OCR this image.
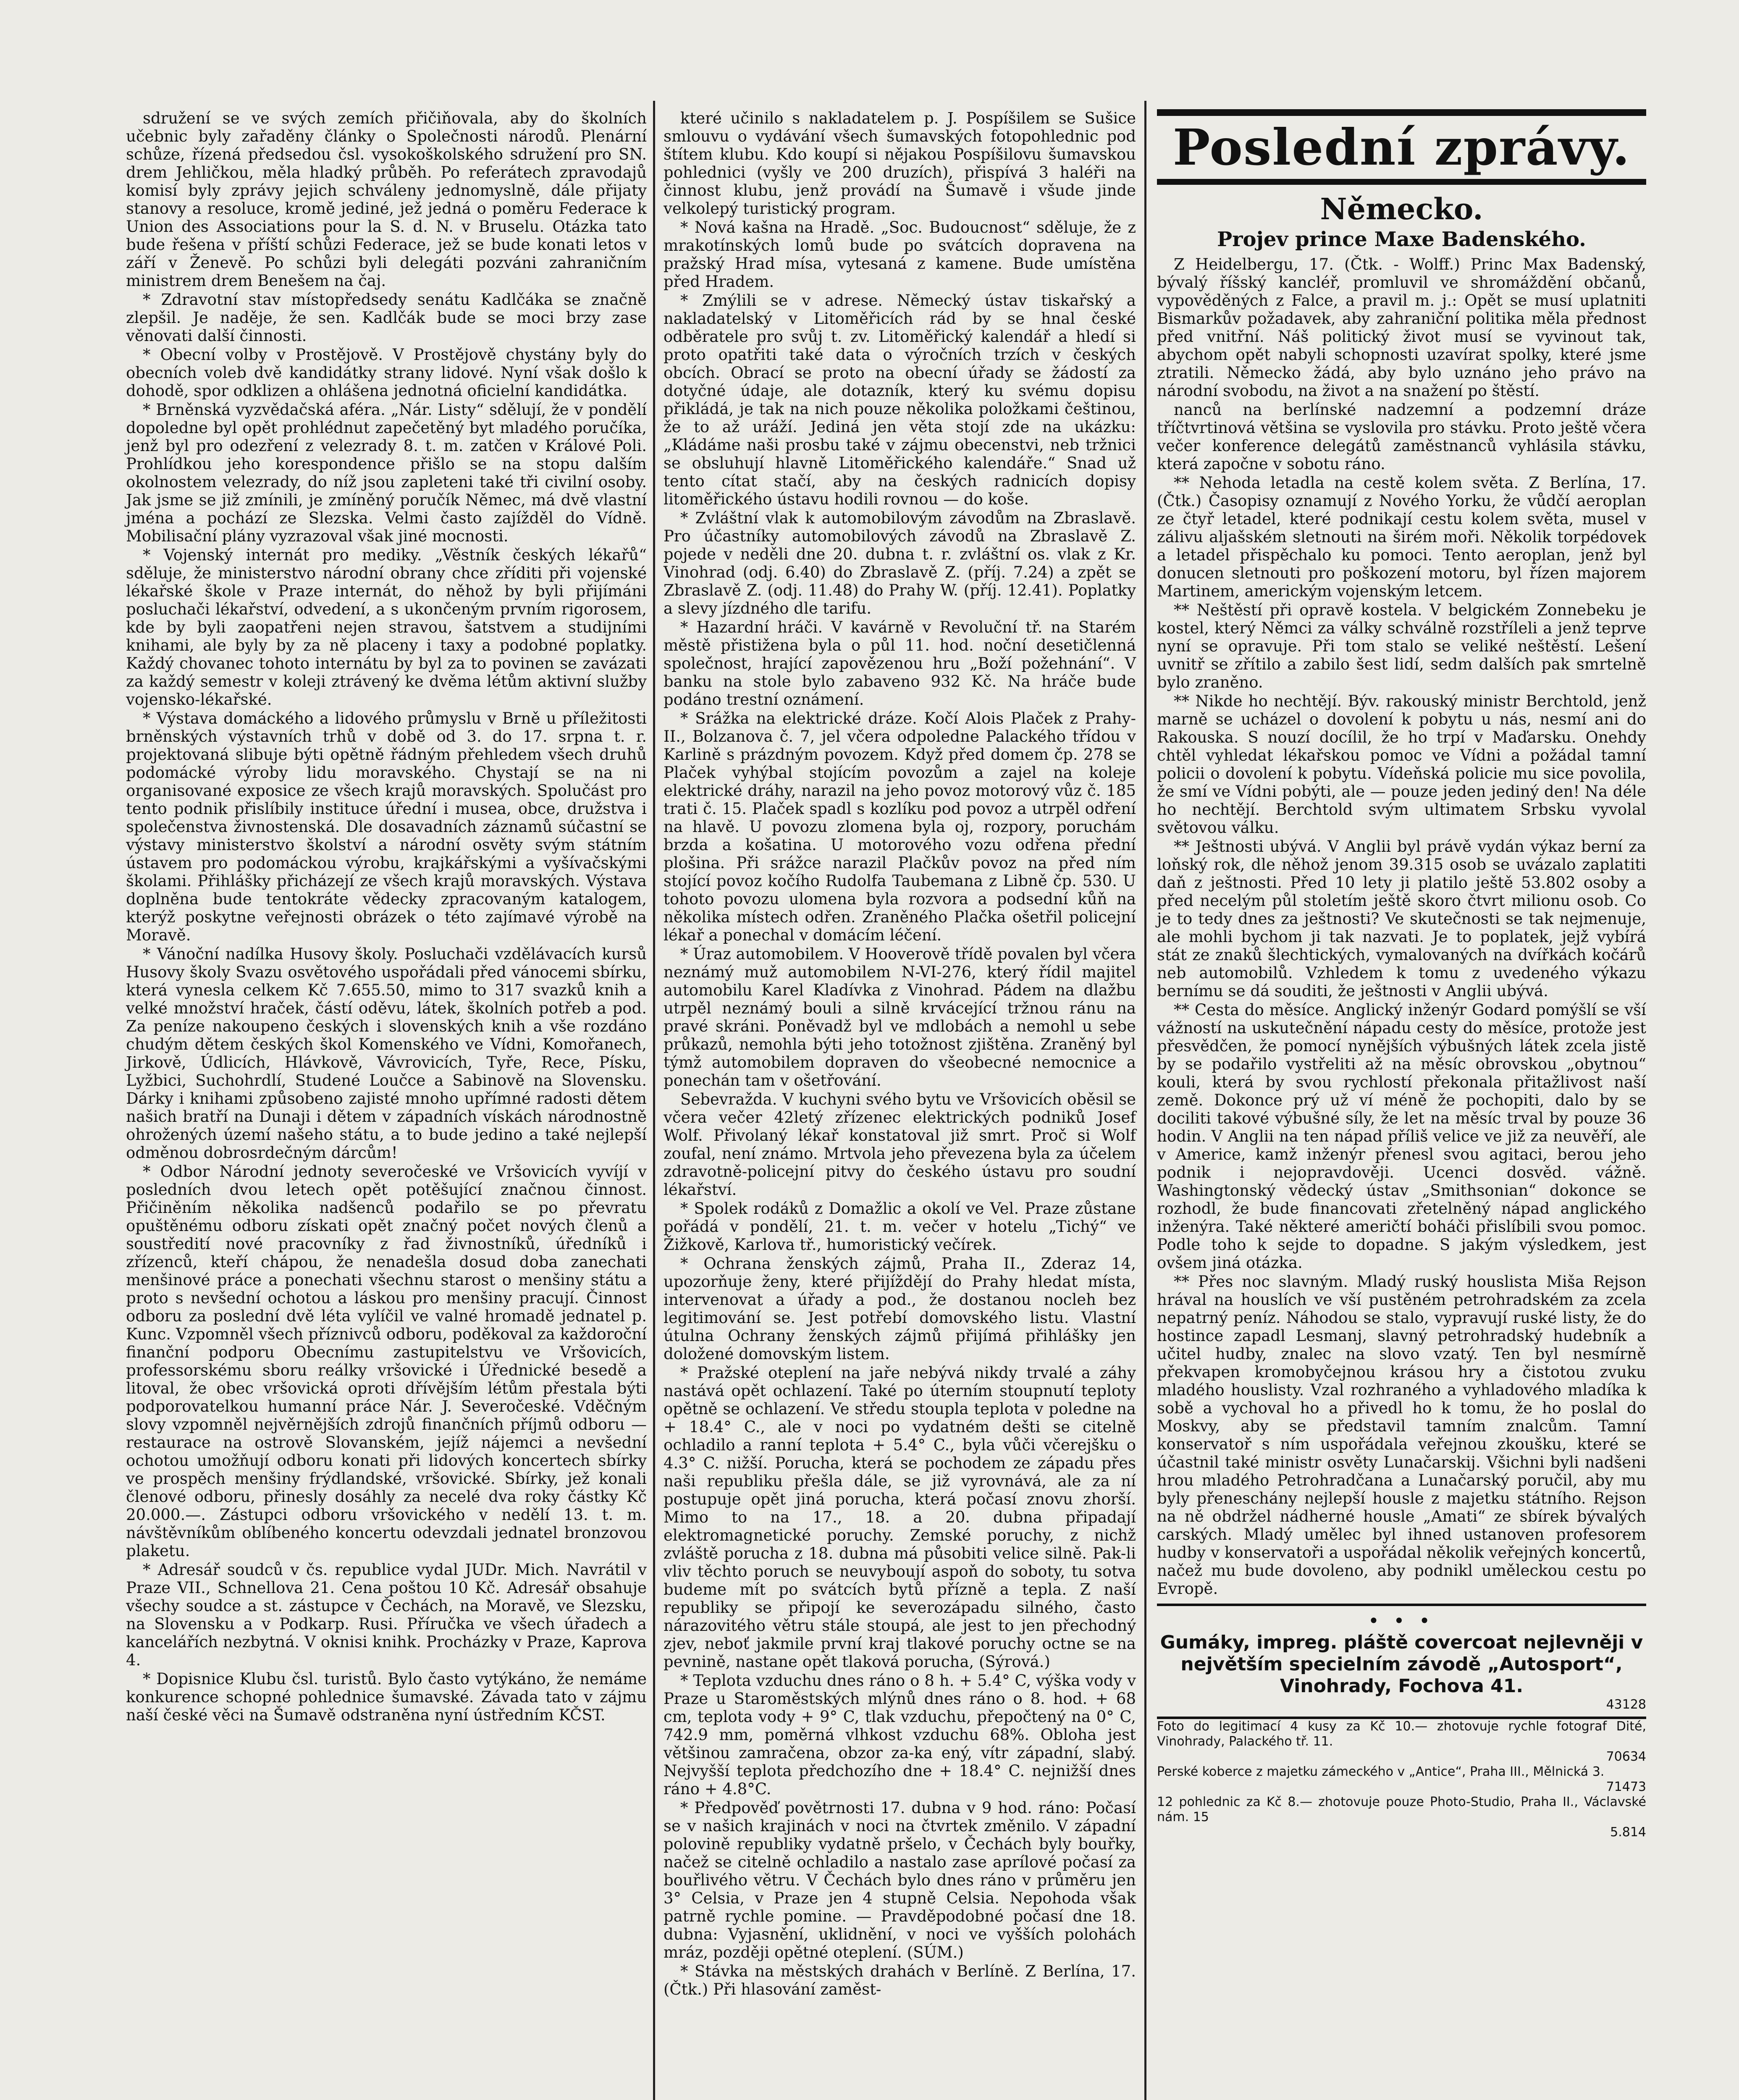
sdružení se ve svých zemích přičiňovala, aby do školních učebnic byly zařaděny články o Společnosti národů. Plenární schůze, řízená předsedou čsl. vysokoškolského sdružení pro SN. drem Jehličkou, měla hladký průběh. Po referátech zpravodajů komisí byly zprávy jejich schváleny jednomyslně, dále přijaty stanovy a resoluce, kromě jediné, jež jedná o poměru Federace k Union des Associations pour la S. d. N. v Bruselu. Otázka tato bude řešena v příští schůzi Federace, jež se bude konati letos v září v Ženevě. Po schůzi byli delegáti pozváni zahraničním ministrem drem Benešem na čaj.

* Zdravotní stav místopředsedy senátu Kadlčáka se značně zlepšil. Je naděje, že sen. Kadlčák bude se moci brzy zase věnovati další činnosti.

* Obecní volby v Prostějově. V Prostějově chystány byly do obecních voleb dvě kandidátky strany lidové. Nyní však došlo k dohodě, spor odklizen a ohlášena jednotná oficielní kandidátka.

* Brněnská vyzvědačská aféra. „Nár. Listy“ sdělují, že v pondělí dopoledne byl opět prohlédnut zapečetěný byt mladého poručíka, jenž byl pro odezření z velezrady 8. t. m. zatčen v Králové Poli. Prohlídkou jeho korespondence přišlo se na stopu dalším okolnostem velezrady, do níž jsou zapleteni také tři civilní osoby. Jak jsme se již zmínili, je zmíněný poručík Němec, má dvě vlastní jména a pochází ze Slezska. Velmi často zajížděl do Vídně. Mobilisační plány vyzrazoval však jiné mocnosti.

* Vojenský internát pro mediky. „Věstník českých lékařů“ sděluje, že ministerstvo národní obrany chce zříditi při vojenské lékařské škole v Praze internát, do něhož by byli přijímáni posluchači lékařství, odvedení, a s ukončeným prvním rigorosem, kde by byli zaopatřeni nejen stravou, šatstvem a studijními knihami, ale byly by za ně placeny i taxy a podobné poplatky. Každý chovanec tohoto internátu by byl za to povinen se zavázati za každý semestr v koleji ztrávený ke dvěma létům aktivní služby vojensko-lékařské.

* Výstava domáckého a lidového průmyslu v Brně u příležitosti brněnských výstavních trhů v době od 3. do 17. srpna t. r. projektovaná slibuje býti opětně řádným přehledem všech druhů podomácké výroby lidu moravského. Chystají se na ni organisované exposice ze všech krajů moravských. Spolučást pro tento podnik přislíbily instituce úřední i musea, obce, družstva i společenstva živnostenská. Dle dosavadních záznamů súčastní se výstavy ministerstvo školství a národní osvěty svým státním ústavem pro podomáckou výrobu, krajkářskými a vyšívačskými školami. Přihlášky přicházejí ze všech krajů moravských. Výstava doplněna bude tentokráte vědecky zpracovaným katalogem, kterýž poskytne veřejnosti obrázek o této zajímavé výrobě na Moravě.

* Vánoční nadílka Husovy školy. Posluchači vzdělávacích kursů Husovy školy Svazu osvětového uspořádali před vánocemi sbírku, která vynesla celkem Kč 7.655.50, mimo to 317 svazků knih a velké množství hraček, částí oděvu, látek, školních potřeb a pod. Za peníze nakoupeno českých i slovenských knih a vše rozdáno chudým dětem českých škol Komenského ve Vídni, Komořanech, Jirkově, Údlicích, Hlávkově, Vávrovicích, Tyře, Rece, Písku, Lyžbici, Suchohrdlí, Studené Loučce a Sabinově na Slovensku. Dárky i knihami způsobeno zajisté mnoho upřímné radosti dětem našich bratří na Dunaji i dětem v západních vískách národnostně ohrožených území našeho státu, a to bude jedino a také nejlepší odměnou dobrosrdečným dárcům!

* Odbor Národní jednoty severočeské ve Vršovicích vyvíjí v posledních dvou letech opět potěšující značnou činnost. Přičiněním několika nadšenců podařilo se po převratu opuštěnému odboru získati opět značný počet nových členů a soustředití nové pracovníky z řad živnostníků, úředníků i zřízenců, kteří chápou, že nenadešla dosud doba zanechati menšinové práce a ponechati všechnu starost o menšiny státu a proto s nevšední ochotou a láskou pro menšiny pracují. Činnost odboru za poslední dvě léta vylíčil ve valné hromadě jednatel p. Kunc. Vzpomněl všech příznivců odboru, poděkoval za každoroční finanční podporu Obecnímu zastupitelstvu ve Vršovicích, professorskému sboru reálky vršovické i Úřednické besedě a litoval, že obec vršovická oproti dřívějším létům přestala býti podporovatelkou humanní práce Nár. J. Severočeské. Vděčným slovy vzpomněl nejvěrnějších zdrojů finančních příjmů odboru — restaurace na ostrově Slovanském, jejíž nájemci a nevšední ochotou umožňují odboru konati při lidových koncertech sbírky ve prospěch menšiny frýdlandské, vršovické. Sbírky, jež konali členové odboru, přinesly dosáhly za necelé dva roky částky Kč 20.000.—. Zástupci odboru vršovického v nedělí 13. t. m. návštěvníkům oblíbeného koncertu odevzdali jednatel bronzovou plaketu.

* Adresář soudců v čs. republice vydal JUDr. Mich. Navrátil v Praze VII., Schnellova 21. Cena poštou 10 Kč. Adresář obsahuje všechy soudce a st. zástupce v Čechách, na Moravě, ve Slezsku, na Slovensku a v Podkarp. Rusi. Příručka ve všech úřadech a kancelářích nezbytná. V oknisi knihk. Procházky v Praze, Kaprova 4.

* Dopisnice Klubu čsl. turistů. Bylo často vytýkáno, že nemáme konkurence schopné pohlednice šumavské. Závada tato v zájmu naší české věci na Šumavě odstraněna nyní ústředním KČST.

které učinilo s nakladatelem p. J. Pospíšilem se Sušice smlouvu o vydávání všech šumavských fotopohlednic pod štítem klubu. Kdo koupí si nějakou Pospíšilovu šumavskou pohlednici (vyšly ve 200 druzích), přispívá 3 haléři na činnost klubu, jenž provádí na Šumavě i všude jinde velkolepý turistický program.

* Nová kašna na Hradě. „Soc. Budoucnost“ sděluje, že z mrakotínských lomů bude po svátcích dopravena na pražský Hrad mísa, vytesaná z kamene. Bude umístěna před Hradem.

* Zmýlili se v adrese. Německý ústav tiskařský a nakladatelský v Litoměřicích rád by se hnal české odběratele pro svůj t. zv. Litoměřický kalendář a hledí si proto opatřiti také data o výročních trzích v českých obcích. Obrací se proto na obecní úřady se žádostí za dotyčné údaje, ale dotazník, který ku svému dopisu přikládá, je tak na nich pouze několika položkami češtinou, že to až uráží. Jediná jen věta stojí zde na ukázku: „Kládáme naši prosbu také v zájmu obecenstvi, neb tržnici se obsluhují hlavně Litoměřického kalendáře.“ Snad už tento cítat stačí, aby na českých radnicích dopisy litoměřického ústavu hodili rovnou — do koše.

* Zvláštní vlak k automobilovým závodům na Zbraslavě. Pro účastníky automobilových závodů na Zbraslavě Z. pojede v neděli dne 20. dubna t. r. zvláštní os. vlak z Kr. Vinohrad (odj. 6.40) do Zbraslavě Z. (příj. 7.24) a zpět se Zbraslavě Z. (odj. 11.48) do Prahy W. (příj. 12.41). Poplatky a slevy jízdného dle tarifu.

* Hazardní hráči. V kavárně v Revoluční tř. na Starém městě přistižena byla o půl 11. hod. noční desetičlenná společnost, hrající zapovězenou hru „Boží požehnání“. V banku na stole bylo zabaveno 932 Kč. Na hráče bude podáno trestní oznámení.

* Srážka na elektrické dráze. Kočí Alois Plaček z Prahy-II., Bolzanova č. 7, jel včera odpoledne Palackého třídou v Karlině s prázdným povozem. Když před domem čp. 278 se Plaček vyhýbal stojícím povozům a zajel na koleje elektrické dráhy, narazil na jeho povoz motorový vůz č. 185 trati č. 15. Plaček spadl s kozlíku pod povoz a utrpěl odření na hlavě. U povozu zlomena byla oj, rozpory, poruchám brzda a košatina. U motorového vozu odřena přední plošina. Při srážce narazil Plačkův povoz na před ním stojící povoz kočího Rudolfa Taubemana z Libně čp. 530. U tohoto povozu ulomena byla rozvora a podsední kůň na několika místech odřen. Zraněného Plačka ošetřil policejní lékař a ponechal v domácím léčení.

* Úraz automobilem. V Hooverově třídě povalen byl včera neznámý muž automobilem N-VI-276, který řídil majitel automobilu Karel Kladívka z Vinohrad. Pádem na dlažbu utrpěl neznámý bouli a silně krvácející tržnou ránu na pravé skráni. Poněvadž byl ve mdlobách a nemohl u sebe průkazů, nemohla býti jeho totožnost zjištěna. Zraněný byl týmž automobilem dopraven do všeobecné nemocnice a ponechán tam v ošetřování.

Sebevražda. V kuchyni svého bytu ve Vršovicích oběsil se včera večer 42letý zřízenec elektrických podniků Josef Wolf. Přivolaný lékař konstatoval již smrt. Proč si Wolf zoufal, není známo. Mrtvola jeho převezena byla za účelem zdravotně-policejní pitvy do českého ústavu pro soudní lékařství.

* Spolek rodáků z Domažlic a okolí ve Vel. Praze zůstane pořádá v pondělí, 21. t. m. večer v hotelu „Tichý“ ve Žižkově, Karlova tř., humoristický večírek.

* Ochrana ženských zájmů, Praha II., Zderaz 14, upozorňuje ženy, které přijíždějí do Prahy hledat místa, intervenovat a úřady a pod., že dostanou nocleh bez legitimování se. Jest potřebí domovského listu. Vlastní útulna Ochrany ženských zájmů přijímá přihlášky jen doložené domovským listem.

* Pražské oteplení na jaře nebývá nikdy trvalé a záhy nastává opět ochlazení. Také po úterním stoupnutí teploty opětně se ochlazení. Ve středu stoupla teplota v poledne na + 18.4° C., ale v noci po vydatném dešti se citelně ochladilo a ranní teplota + 5.4° C., byla vůči včerejšku o 4.3° C. nižší. Porucha, která se pochodem ze západu přes naši republiku přešla dále, se již vyrovnává, ale za ní postupuje opět jiná porucha, která počasí znovu zhorší. Mimo to na 17., 18. a 20. dubna připadají elektromagnetické poruchy. Zemské poruchy, z nichž zvláště porucha z 18. dubna má působiti velice silně. Pak-li vliv těchto poruch se neuvyboují aspoň do soboty, tu sotva budeme mít po svátcích bytů přízně a tepla. Z naší republiky se připojí ke severozápadu silného, často nárazovitého větru stále stoupá, ale jest to jen přechodný zjev, neboť jakmile první kraj tlakové poruchy octne se na pevnině, nastane opět tlaková porucha, (Sýrová.)

* Teplota vzduchu dnes ráno o 8 h. + 5.4° C, výška vody v Praze u Staroměstských mlýnů dnes ráno o 8. hod. + 68 cm, teplota vody + 9° C, tlak vzduchu, přepočtený na 0° C, 742.9 mm, poměrná vlhkost vzduchu 68%. Obloha jest většinou zamračena, obzor za-ka ený, vítr západní, slabý. Nejvyšší teplota předchozího dne + 18.4° C. nejnižší dnes ráno + 4.8°C.

* Předpověď povětrnosti 17. dubna v 9 hod. ráno: Počasí se v našich krajinách v noci na čtvrtek změnilo. V západní polovině republiky vydatně pršelo, v Čechách byly bouřky, načež se citelně ochladilo a nastalo zase aprílové počasí za bouřlivého větru. V Čechách bylo dnes ráno v průměru jen 3° Celsia, v Praze jen 4 stupně Celsia. Nepohoda však patrně rychle pomine. — Pravděpodobné počasí dne 18. dubna: Vyjasnění, uklidnění, v noci ve vyšších polohách mráz, později opětné oteplení. (SÚM.)

* Stávka na městských drahách v Berlíně. Z Berlína, 17. (Čtk.) Při hlasování zaměst-

Poslední zprávy.
Německo.
Projev prince Maxe Badenského.

Z Heidelbergu, 17. (Čtk. - Wolff.) Princ Max Badenský, bývalý říšský kancléř, promluvil ve shromáždění občanů, vypověděných z Falce, a pravil m. j.: Opět se musí uplatniti Bismarkův požadavek, aby zahraniční politika měla přednost před vnitřní. Náš politický život musí se vyvinout tak, abychom opět nabyli schopnosti uzavírat spolky, které jsme ztratili. Německo žádá, aby bylo uznáno jeho právo na národní svobodu, na život a na snažení po štěstí.

nanců na berlínské nadzemní a podzemní dráze tříčtvrtinová většina se vyslovila pro stávku. Proto ještě včera večer konference delegátů zaměstnanců vyhlásila stávku, která započne v sobotu ráno.

** Nehoda letadla na cestě kolem světa. Z Berlína, 17. (Čtk.) Časopisy oznamují z Nového Yorku, že vůdčí aeroplan ze čtyř letadel, které podnikají cestu kolem světa, musel v zálivu aljašském sletnouti na širém moři. Několik torpédovek a letadel přispěchalo ku pomoci. Tento aeroplan, jenž byl donucen sletnouti pro poškození motoru, byl řízen majorem Martinem, americkým vojenským letcem.

** Neštěstí při opravě kostela. V belgickém Zonnebeku je kostel, který Němci za války schválně rozstříleli a jenž teprve nyní se opravuje. Při tom stalo se veliké neštěstí. Lešení uvnitř se zřítilo a zabilo šest lidí, sedm dalších pak smrtelně bylo zraněno.

** Nikde ho nechtějí. Býv. rakouský ministr Berchtold, jenž marně se ucházel o dovolení k pobytu u nás, nesmí ani do Rakouska. S nouzí docílil, že ho trpí v Maďarsku. Onehdy chtěl vyhledat lékařskou pomoc ve Vídni a požádal tamní policii o dovolení k pobytu. Vídeňská policie mu sice povolila, že smí ve Vídni pobýti, ale — pouze jeden jediný den! Na déle ho nechtějí. Berchtold svým ultimatem Srbsku vyvolal světovou válku.

** Ještnosti ubývá. V Anglii byl právě vydán výkaz berní za loňský rok, dle něhož jenom 39.315 osob se uvázalo zaplatiti daň z ještnosti. Před 10 lety ji platilo ještě 53.802 osoby a před necelým půl stoletím ještě skoro čtvrt milionu osob. Co je to tedy dnes za ještnosti? Ve skutečnosti se tak nejmenuje, ale mohli bychom ji tak nazvati. Je to poplatek, jejž vybírá stát ze znaků šlechtických, vymalovaných na dvířkách kočárů neb automobilů. Vzhledem k tomu z uvedeného výkazu bernímu se dá souditi, že ještnosti v Anglii ubývá.

** Cesta do měsíce. Anglický inženýr Godard pomýšlí se vší vážností na uskutečnění nápadu cesty do měsíce, protože jest přesvědčen, že pomocí nynějších výbušných látek zcela jistě by se podařilo vystřeliti až na měsíc obrovskou „obytnou“ kouli, která by svou rychlostí překonala přitažlivost naší země. Dokonce prý už ví méně že pochopiti, dalo by se dociliti takové výbušné síly, že let na měsíc trval by pouze 36 hodin. V Anglii na ten nápad příliš velice ve již za neuvěří, ale v Americe, kamž inženýr přenesl svou agitaci, berou jeho podnik i nejopravdověji. Ucenci dosvěd. vážně. Washingtonský vědecký ústav „Smithsonian“ dokonce se rozhodl, že bude financovati zřetelněný nápad anglického inženýra. Také některé američtí boháči přislíbili svou pomoc. Podle toho k sejde to dopadne. S jakým výsledkem, jest ovšem jiná otázka.

** Přes noc slavným. Mladý ruský houslista Miša Rejson hrával na houslích ve vší pustěném petrohradském za zcela nepatrný peníz. Náhodou se stalo, vypravují ruské listy, že do hostince zapadl Lesmanj, slavný petrohradský hudebník a učitel hudby, znalec na slovo vzatý. Ten byl nesmírně překvapen kromobyčejnou krásou hry a čistotou zvuku mladého houslisty. Vzal rozhraného a vyhladového mladíka k sobě a vychoval ho a přivedl ho k tomu, že ho poslal do Moskvy, aby se představil tamním znalcům. Tamní konservatoř s ním uspořádala veřejnou zkoušku, které se účastnil také ministr osvěty Lunačarskij. Všichni byli nadšeni hrou mladého Petrohradčana a Lunačarský poručil, aby mu byly přeneschány nejlepší housle z majetku státního. Rejson na ně obdržel nádherné housle „Amati“ ze sbírek bývalých carských. Mladý umělec byl ihned ustanoven profesorem hudby v konservatoři a uspořádal několik veřejných koncertů, načež mu bude dovoleno, aby podnikl uměleckou cestu po Evropě.

• • •
Gumáky, impreg. pláště covercoat nejlevněji v největším specielním závodě „Autosport“, Vinohrady, Fochova 41.
43128
Foto do legitimací 4 kusy za Kč 10.— zhotovuje rychle fotograf Dité, Vinohrady, Palackého tř. 11.
70634
Perské koberce z majetku zámeckého v „Antice“, Praha III., Mělnická 3.
71473
12 pohlednic za Kč 8.— zhotovuje pouze Photo-Studio, Praha II., Václavské nám. 15
5.814
